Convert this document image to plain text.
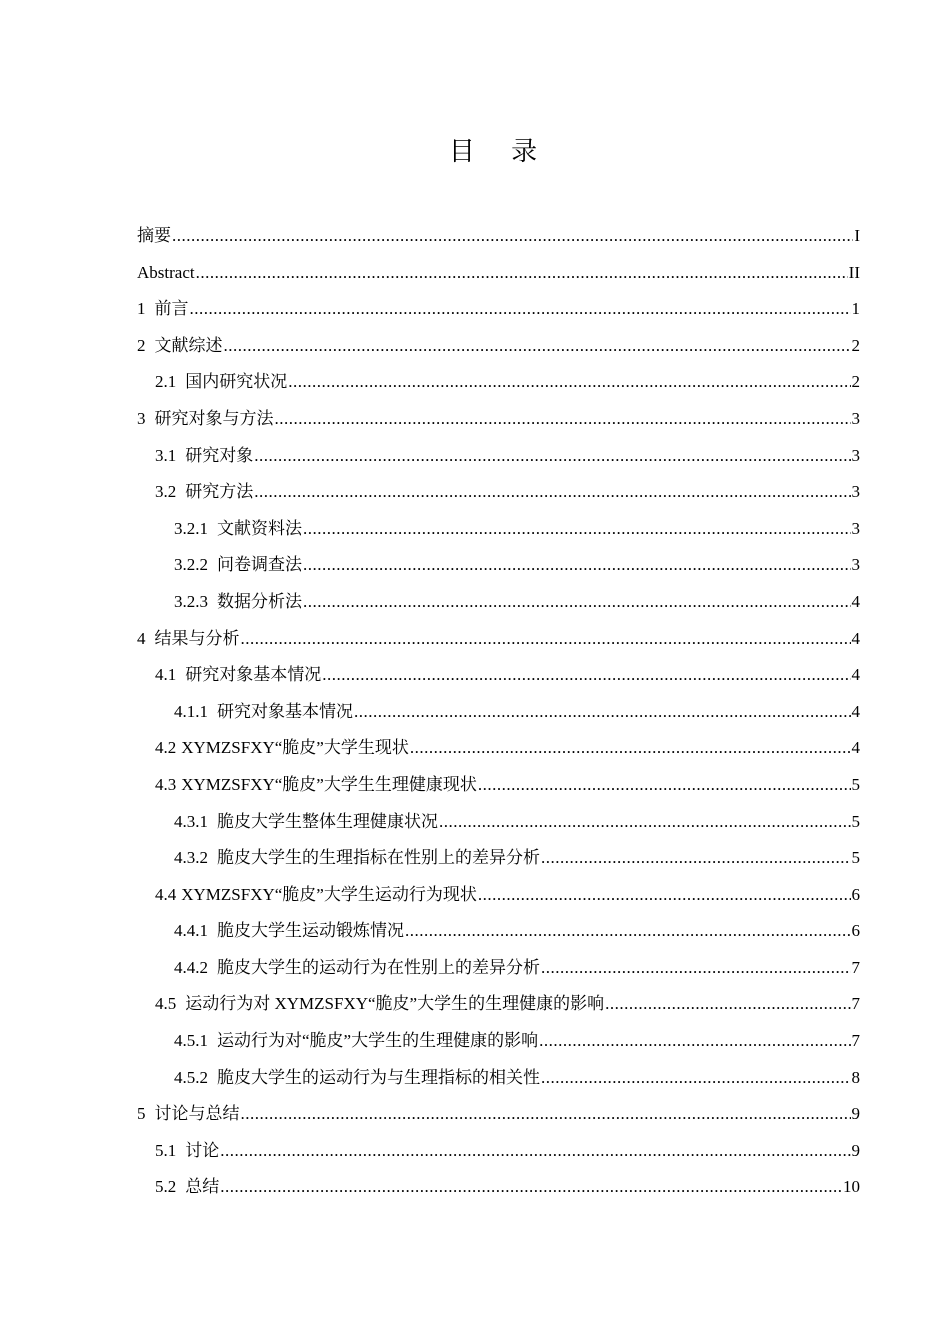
目 录
摘要 .....	I
Abstract .....	II
1 前言 .....	1
2 文献综述 .....	2
2.1 国内研究状况 .....	2
3 研究对象与方法 .....	3
3.1 研究对象 .....	3
3.2 研究方法 .....	3
3.2.1 文献资料法 .....	3
3.2.2 问卷调查法 .....	3
3.2.3 数据分析法 .....	4
4 结果与分析 .....	4
4.1 研究对象基本情况 .....	4
4.1.1 研究对象基本情况 .....	4
4.2 XYMZSFXY“脆皮”大学生现状 .....	4
4.3 XYMZSFXY“脆皮”大学生生理健康现状 .....	5
4.3.1 脆皮大学生整体生理健康状况 .....	5
4.3.2 脆皮大学生的生理指标在性别上的差异分析 .....	5
4.4 XYMZSFXY“脆皮”大学生运动行为现状 .....	6
4.4.1 脆皮大学生运动锻炼情况 .....	6
4.4.2 脆皮大学生的运动行为在性别上的差异分析 .....	7
4.5 运动行为对 XYMZSFXY“脆皮”大学生的生理健康的影响 .....	7
4.5.1 运动行为对“脆皮”大学生的生理健康的影响 .....	7
4.5.2 脆皮大学生的运动行为与生理指标的相关性 .....	8
5 讨论与总结 .....	9
5.1 讨论 .....	9
5.2 总结 .....	10
